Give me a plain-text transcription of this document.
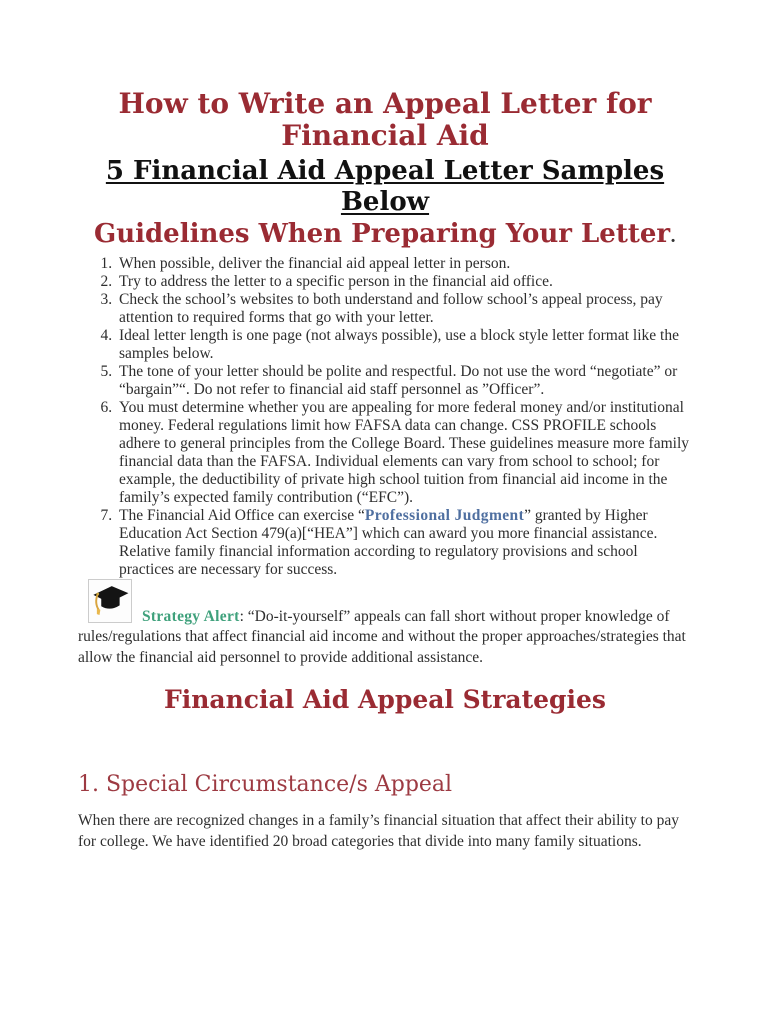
How to Write an Appeal Letter for
Financial Aid
5 Financial Aid Appeal Letter Samples
Below
Guidelines When Preparing Your Letter.
1. When possible, deliver the financial aid appeal letter in person.
2. Try to address the letter to a specific person in the financial aid office.
3. Check the school’s websites to both understand and follow school’s appeal process, pay attention to required forms that go with your letter.
4. Ideal letter length is one page (not always possible), use a block style letter format like the samples below.
5. The tone of your letter should be polite and respectful. Do not use the word “negotiate” or “bargain”“. Do not refer to financial aid staff personnel as ”Officer”.
6. You must determine whether you are appealing for more federal money and/or institutional money. Federal regulations limit how FAFSA data can change. CSS PROFILE schools adhere to general principles from the College Board. These guidelines measure more family financial data than the FAFSA. Individual elements can vary from school to school; for example, the deductibility of private high school tuition from financial aid income in the family’s expected family contribution (“EFC”).
7. The Financial Aid Office can exercise “Professional Judgment” granted by Higher Education Act Section 479(a)[“HEA”] which can award you more financial assistance. Relative family financial information according to regulatory provisions and school practices are necessary for success.

Strategy Alert: “Do-it-yourself” appeals can fall short without proper knowledge of rules/regulations that affect financial aid income and without the proper approaches/strategies that allow the financial aid personnel to provide additional assistance.

Financial Aid Appeal Strategies
1. Special Circumstance/s Appeal

When there are recognized changes in a family’s financial situation that affect their ability to pay for college. We have identified 20 broad categories that divide into many family situations.
